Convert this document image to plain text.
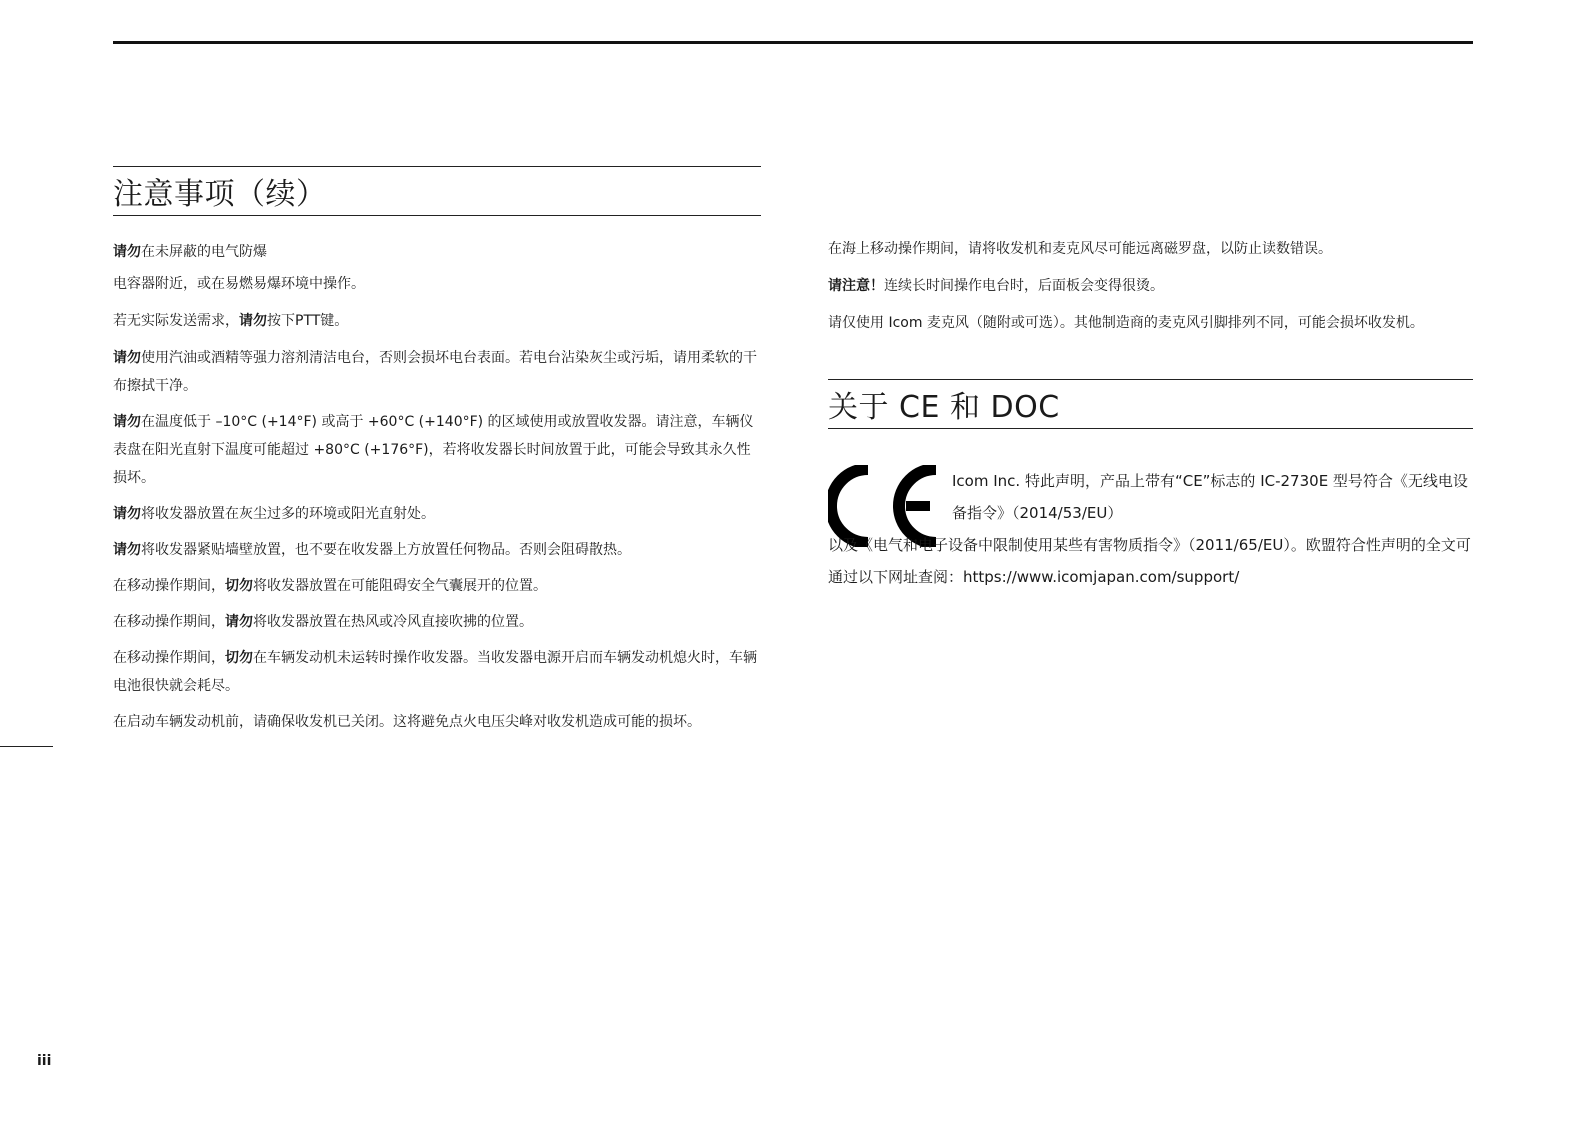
iii
注意事项（续）

请勿在未屏蔽的电气防爆

电容器附近，或在易燃易爆环境中操作。

若无实际发送需求，请勿按下PTT键。

请勿使用汽油或酒精等强力溶剂清洁电台，否则会损坏电台表面。若电台沾染灰尘或污垢，请用柔软的干布擦拭干净。

请勿在温度低于 –10°C (+14°F) 或高于 +60°C (+140°F) 的区域使用或放置收发器。请注意，车辆仪表盘在阳光直射下温度可能超过 +80°C (+176°F)，若将收发器长时间放置于此，可能会导致其永久性损坏。

请勿将收发器放置在灰尘过多的环境或阳光直射处。

请勿将收发器紧贴墙壁放置，也不要在收发器上方放置任何物品。否则会阻碍散热。

在移动操作期间，切勿将收发器放置在可能阻碍安全气囊展开的位置。

在移动操作期间，请勿将收发器放置在热风或冷风直接吹拂的位置。

在移动操作期间，切勿在车辆发动机未运转时操作收发器。当收发器电源开启而车辆发动机熄火时，车辆电池很快就会耗尽。

在启动车辆发动机前，请确保收发机已关闭。这将避免点火电压尖峰对收发机造成可能的损坏。

在海上移动操作期间，请将收发机和麦克风尽可能远离磁罗盘，以防止读数错误。

请注意！连续长时间操作电台时，后面板会变得很烫。

请仅使用 Icom 麦克风（随附或可选）。其他制造商的麦克风引脚排列不同，可能会损坏收发机。

关于 CE 和 DOC
Icom Inc. 特此声明，产品上带有“CE”标志的 IC-2730E 型号符合《无线电设备指令》（2014/53/EU）
以及《电气和电子设备中限制使用某些有害物质指令》（2011/65/EU）。欧盟符合性声明的全文可通过以下网址查阅：https://www.icomjapan.com/support/
